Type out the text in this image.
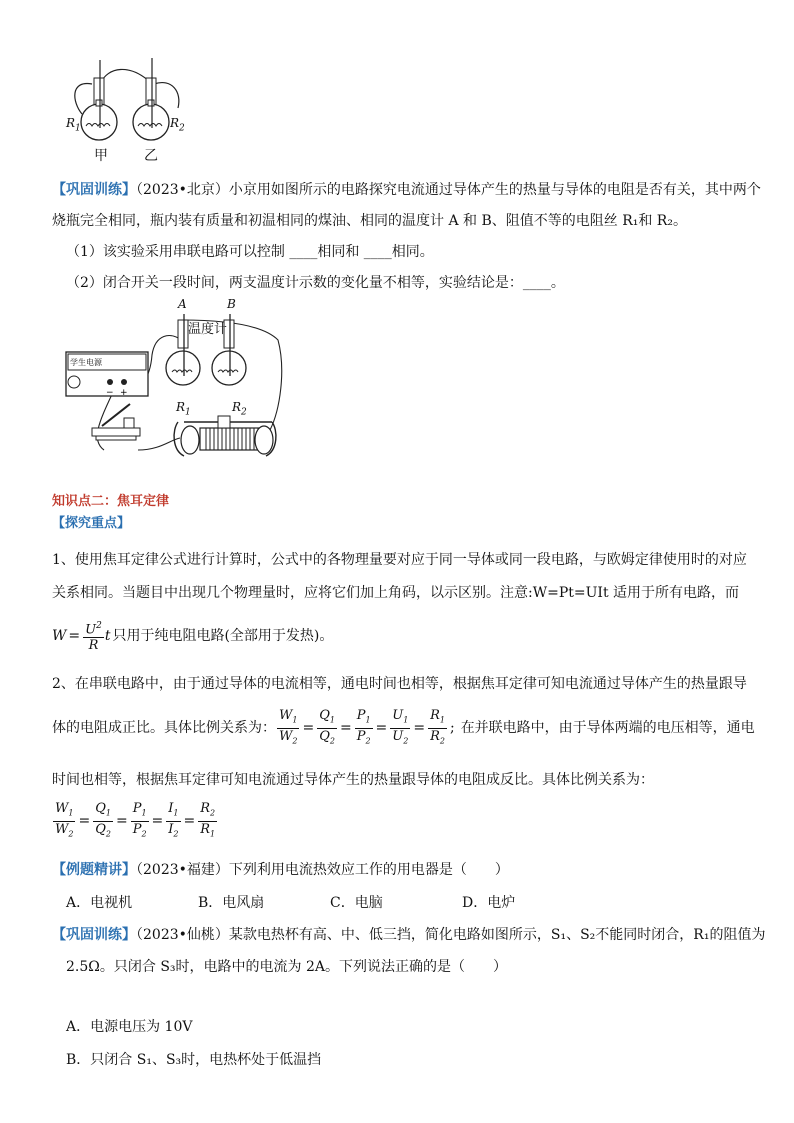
$R_1$	$R_2$
甲	乙
【巩固训练】（2023•北京）小京用如图所示的电路探究电流通过导体产生的热量与导体的电阻是否有关，其中两个
烧瓶完全相同，瓶内装有质量和初温相同的煤油、相同的温度计 A 和 B、阻值不等的电阻丝 R₁和 R₂。
（1）该实验采用串联电路可以控制 ____相同和 ____相同。
（2）闭合开关一段时间，两支温度计示数的变化量不相等，实验结论是：____。
− +
A	B
温度计
学生电源
$R_1$	$R_2$
知识点二：焦耳定律
【探究重点】
1、使用焦耳定律公式进行计算时，公式中的各物理量要对应于同一导体或同一段电路，与欧姆定律使用时的对应
关系相同。当题目中出现几个物理量时，应将它们加上角码，以示区别。注意:W=Pt=UIt 适用于所有电路，而
$W = \frac{U^2}{R}$ t 只用于纯电阻电路(全部用于发热)。
2、在串联电路中，由于通过导体的电流相等，通电时间也相等，根据焦耳定律可知电流通过导体产生的热量跟导
体的电阻成正比。具体比例关系为： $\frac{W_1}{W_2} = \frac{Q_1}{Q_2} = \frac{P_1}{P_2} = \frac{U_1}{U_2} = \frac{R_1}{R_2}$ ; 在并联电路中，由于导体两端的电压相等，通电
时间也相等，根据焦耳定律可知电流通过导体产生的热量跟导体的电阻成反比。具体比例关系为：
$\frac{W_1}{W_2} = \frac{Q_1}{Q_2} = \frac{P_1}{P_2} = \frac{I_1}{I_2} = \frac{R_2}{R_1}$
【例题精讲】（2023•福建）下列利用电流热效应工作的用电器是（　　）
A．电视机	B．电风扇	C．电脑	D．电炉
【巩固训练】（2023•仙桃）某款电热杯有高、中、低三挡，简化电路如图所示，S₁、S₂不能同时闭合，R₁的阻值为
2.5Ω。只闭合 S₃时，电路中的电流为 2A。下列说法正确的是（　　）
A．电源电压为 10V
B．只闭合 S₁、S₃时，电热杯处于低温挡
